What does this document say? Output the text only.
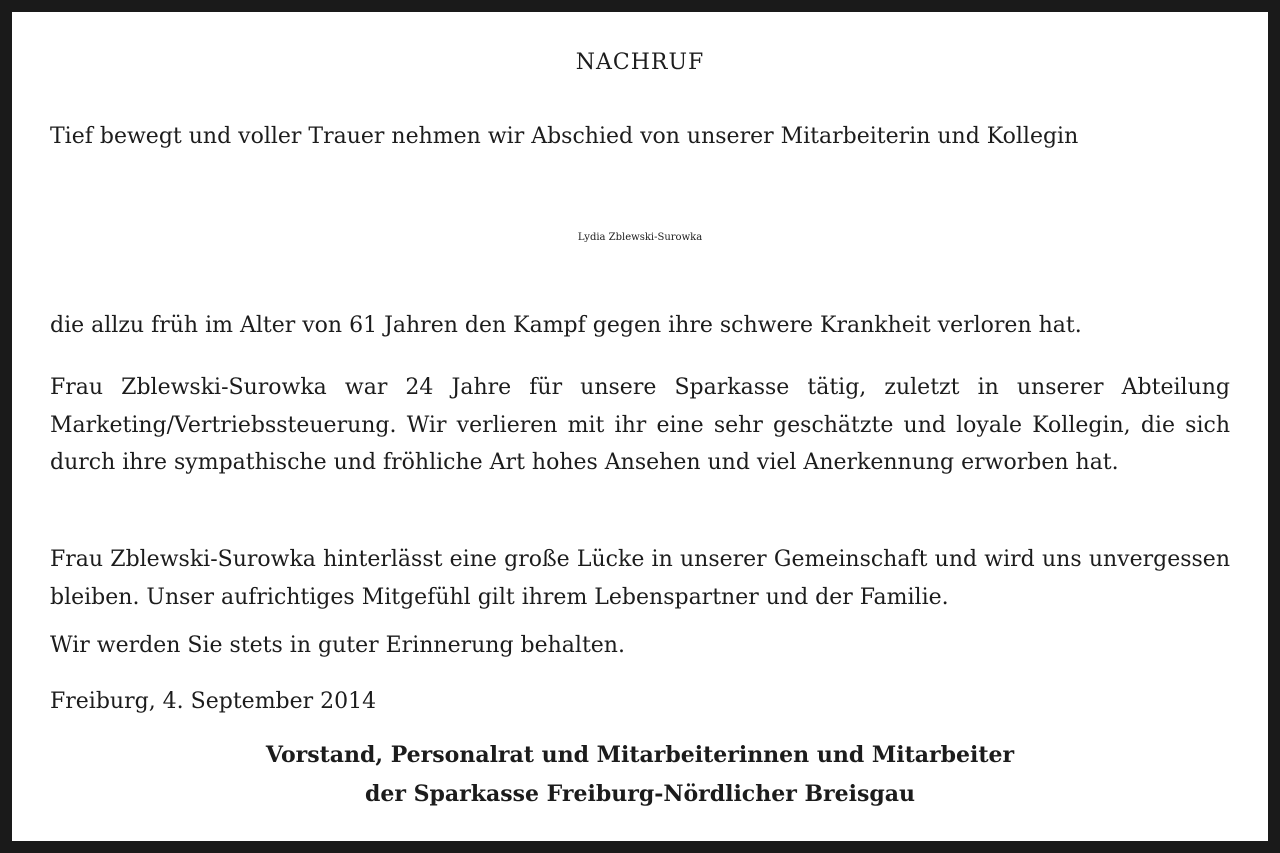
NACHRUF
Tief bewegt und voller Trauer nehmen wir Abschied von unserer Mitarbeiterin und Kollegin
Lydia Zblewski-Surowka
die allzu früh im Alter von 61 Jahren den Kampf gegen ihre schwere Krankheit verloren hat.
Frau Zblewski-Surowka war 24 Jahre für unsere Sparkasse tätig, zuletzt in unserer Abteilung Marketing/Vertriebssteuerung. Wir verlieren mit ihr eine sehr geschätzte und loyale Kollegin, die sich durch ihre sympathische und fröhliche Art hohes Ansehen und viel Anerkennung erworben hat.
Frau Zblewski-Surowka hinterlässt eine große Lücke in unserer Gemeinschaft und wird uns unvergessen bleiben. Unser aufrichtiges Mitgefühl gilt ihrem Lebenspartner und der Familie.
Wir werden Sie stets in guter Erinnerung behalten.
Freiburg, 4. September 2014
Vorstand, Personalrat und Mitarbeiterinnen und Mitarbeiter
der Sparkasse Freiburg-Nördlicher Breisgau
